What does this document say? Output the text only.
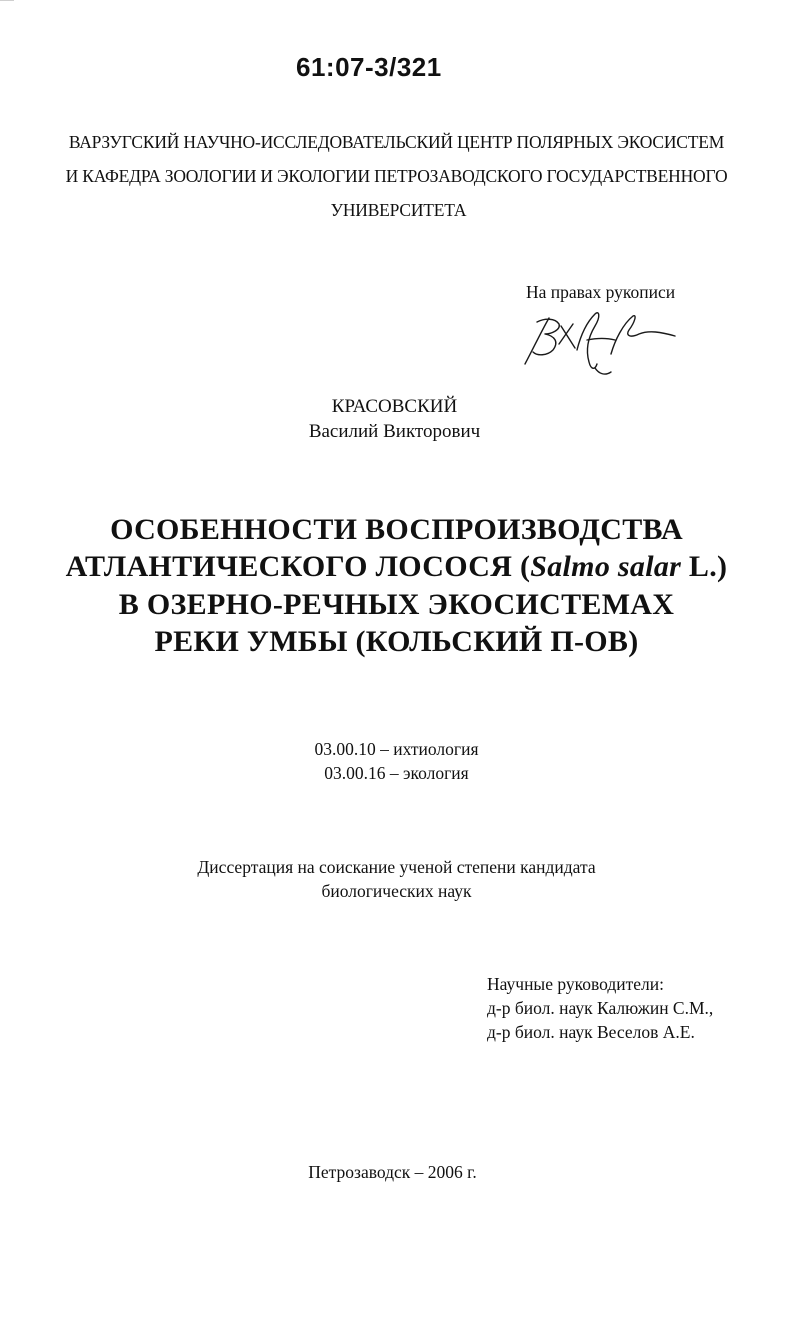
61:07-3/321
ВАРЗУГСКИЙ НАУЧНО-ИССЛЕДОВАТЕЛЬСКИЙ ЦЕНТР ПОЛЯРНЫХ ЭКОСИСТЕМ
И КАФЕДРА ЗООЛОГИИ И ЭКОЛОГИИ ПЕТРОЗАВОДСКОГО ГОСУДАРСТВЕННОГО
УНИВЕРСИТЕТА
На правах рукописи
КРАСОВСКИЙ
Василий Викторович
ОСОБЕННОСТИ ВОСПРОИЗВОДСТВА
АТЛАНТИЧЕСКОГО ЛОСОСЯ (Salmo salar L.)
В ОЗЕРНО-РЕЧНЫХ ЭКОСИСТЕМАХ
РЕКИ УМБЫ (КОЛЬСКИЙ П-ОВ)
03.00.10 – ихтиология
03.00.16 – экология
Диссертация на соискание ученой степени кандидата
биологических наук
Научные руководители:
д-р биол. наук Калюжин С.М.,
д-р биол. наук Веселов А.Е.
Петрозаводск – 2006 г.
